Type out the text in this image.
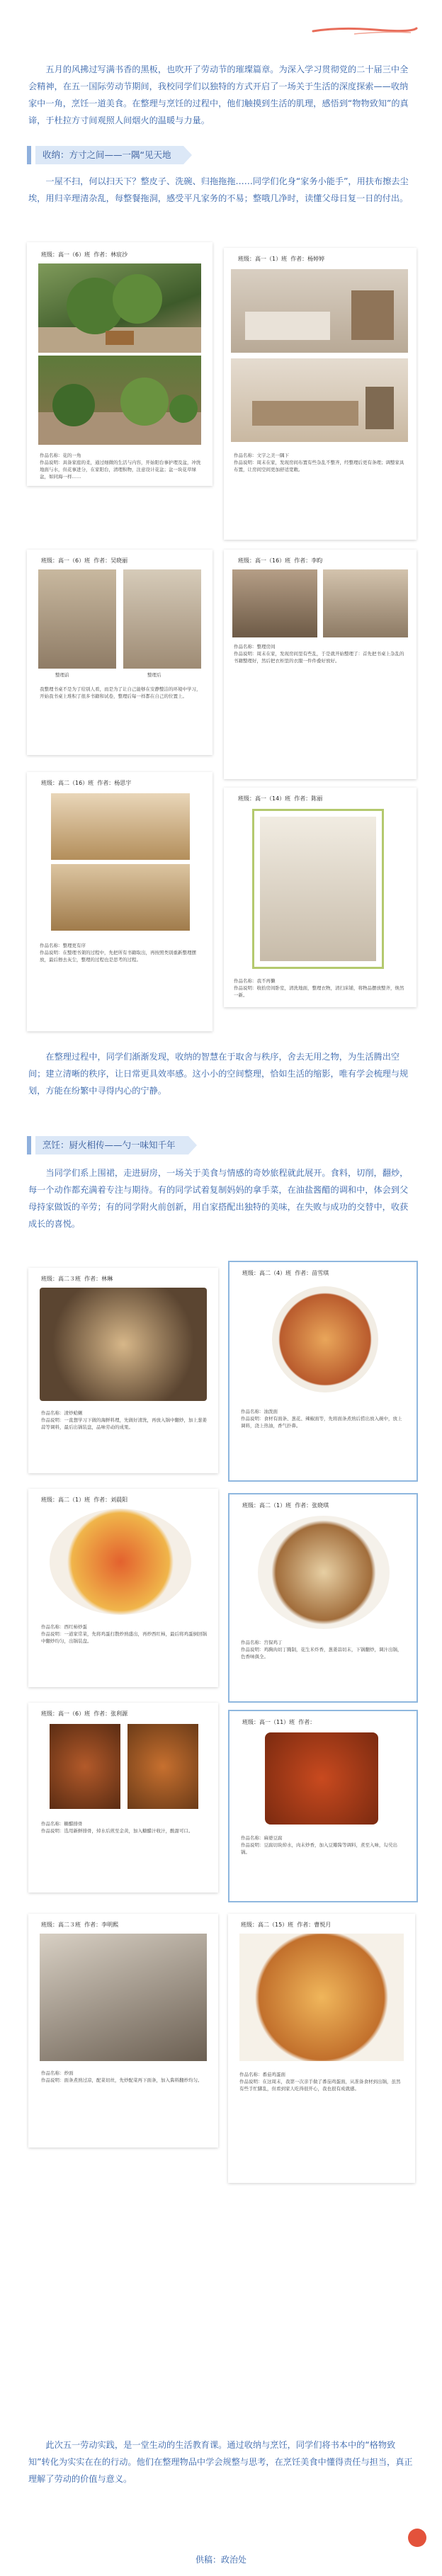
五月的风拂过写满书香的黑板，也吹开了劳动节的璀璨篇章。为深入学习贯彻党的二十届三中全会精神，在五一国际劳动节期间，我校同学们以独特的方式开启了一场关于生活的深度探索——收纳家中一角，烹饪一道美食。在整理与烹饪的过程中，他们触摸到生活的肌理，感悟到“物物致知”的真谛，于杜拉方寸间观照人间烟火的温暖与力量。

收纳：方寸之间——一隅“见天地

一屋不扫，何以扫天下？整皮子、洗碗、归拖拖拖……同学们化身“家务小能手”，用扶布擦去尘埃，用归辛理清杂乱，每整餐拖洞，感受平凡家务的不易；整哦几净时，读懂父母日复一日的付出。

班级：高一（6）班 作者：林宸沙
作品名称：花的一角
作品说明：具备家庭的柔，通过细微的生活与内容，开始阳台事护理及盆，冲洗地面与水，但花事进分，在家阳台，清理积物，注意设计花盆；盆一块花草绿盆，如同海一样……
班级：高一（1）班 作者：杨婷婷
作品名称：文字之美一隅下
作品说明：周末在家，发现房间布置有些杂乱不整齐，经整理后更有条理；调整家具布置，让房间空间更加舒适宽敞。
班级：高一（6）班 作者：吴晓丽
整理前	整理后
我整理书桌不是为了给别人看，而是为了让自己能够在安静整洁的环境中学习，开始我书桌上堆积了很多书籍和试卷，整理后每一样都在自己的位置上。
班级：高一（16）班 作者：李昀
作品名称：整理房间
作品说明：周末在家，发现房间里有些乱，于是就开始整理了：首先把书桌上杂乱的书籍整理好，然后把衣柜里的衣服一件件叠好放好。
班级：高二（16）班 作者：杨思宇
作品名称：整理更有序
作品说明：在整理书架的过程中，先把所有书籍取出，再按照类别重新整理摆放，最后擦去灰尘，整理的过程也是思考的过程。
班级：高一（14）班 作者：陈丽
作品名称：我不再懒
作品说明：收拾房间卧室，清洗地面，整理衣物，清扫床铺，将物品摆放整齐，焕然一新。

在整理过程中，同学们渐渐发现，收纳的智慧在于取舍与秩序，舍去无用之物，为生活腾出空间；建立清晰的秩序，让日常更具效率感。这小小的空间整理，恰如生活的缩影，唯有学会梳理与规划，方能在纷繁中寻得内心的宁静。

烹饪：厨火相传——勺一味知千年

当同学们系上围裙，走进厨房，一场关于美食与情感的奇妙旅程就此展开。食料，切削，翻炒，每一个动作都充满着专注与期待。有的同学试着复制妈妈的拿手菜，在油盐酱醋的调和中，体会到父母持家做饭的辛劳；有的同学附火前创新，用自家搭配出独特的美味，在失败与成功的交替中，收获成长的喜悦。

班级：高二３班 作者：林琳
作品名称：清炒蛤蜊
作品说明：一直想学习下做的海鲜料理，先做好清洗，再放入锅中翻炒，加上葱姜蒜等调料，最后出锅装盘，品味劳动的成果。
班级：高二（4）班 作者：苗雪琪
作品名称：油泼面
作品说明：食材有面条、葱花、辣椒面等，先将面条煮熟后捞出放入碗中，放上调料，浇上热油，香气扑鼻。
班级：高二（1）班 作者：刘晨阳
作品名称：西红柿炒蛋
作品说明：一道家常菜，先将鸡蛋打散炒熟盛出，再炒西红柿，最后将鸡蛋倒回锅中翻炒均匀，出锅装盘。
班级：高二（1）班 作者：张晓琪
作品名称：宫保鸡丁
作品说明：鸡胸肉切丁腌制，花生米炸香，葱姜蒜切末，下锅翻炒，调汁出锅，色香味俱全。
班级：高一（6）班 作者：张利源
作品名称：糖醋排骨
作品说明：选用新鲜排骨，焯水后煎至金黄，加入糖醋汁收汁，酸甜可口。
班级：高一（11）班 作者：
作品名称：麻婆豆腐
作品说明：豆腐切块焯水，肉末炒香，加入豆瓣酱等调料，煮至入味，勾芡出锅。
班级：高二３班 作者：李明熙
作品名称：炒面
作品说明：面条煮熟过凉，配菜切丝，先炒配菜再下面条，加入酱料翻炒均匀。
班级：高二（15）班 作者：曹悦月
作品名称：番茄鸡蛋面
作品说明：在这周末，我第一次亲手做了番茄鸡蛋面，从准备食材到出锅，虽然有些手忙脚乱，但看到家人吃得很开心，我也很有成就感。

此次五一劳动实践，是一堂生动的生活教育课。通过收纳与烹饪，同学们将书本中的“格物致知”转化为实实在在的行动。他们在整理物品中学会规整与思考，在烹饪美食中懂得责任与担当，真正理解了劳动的价值与意义。

供稿：政治处
